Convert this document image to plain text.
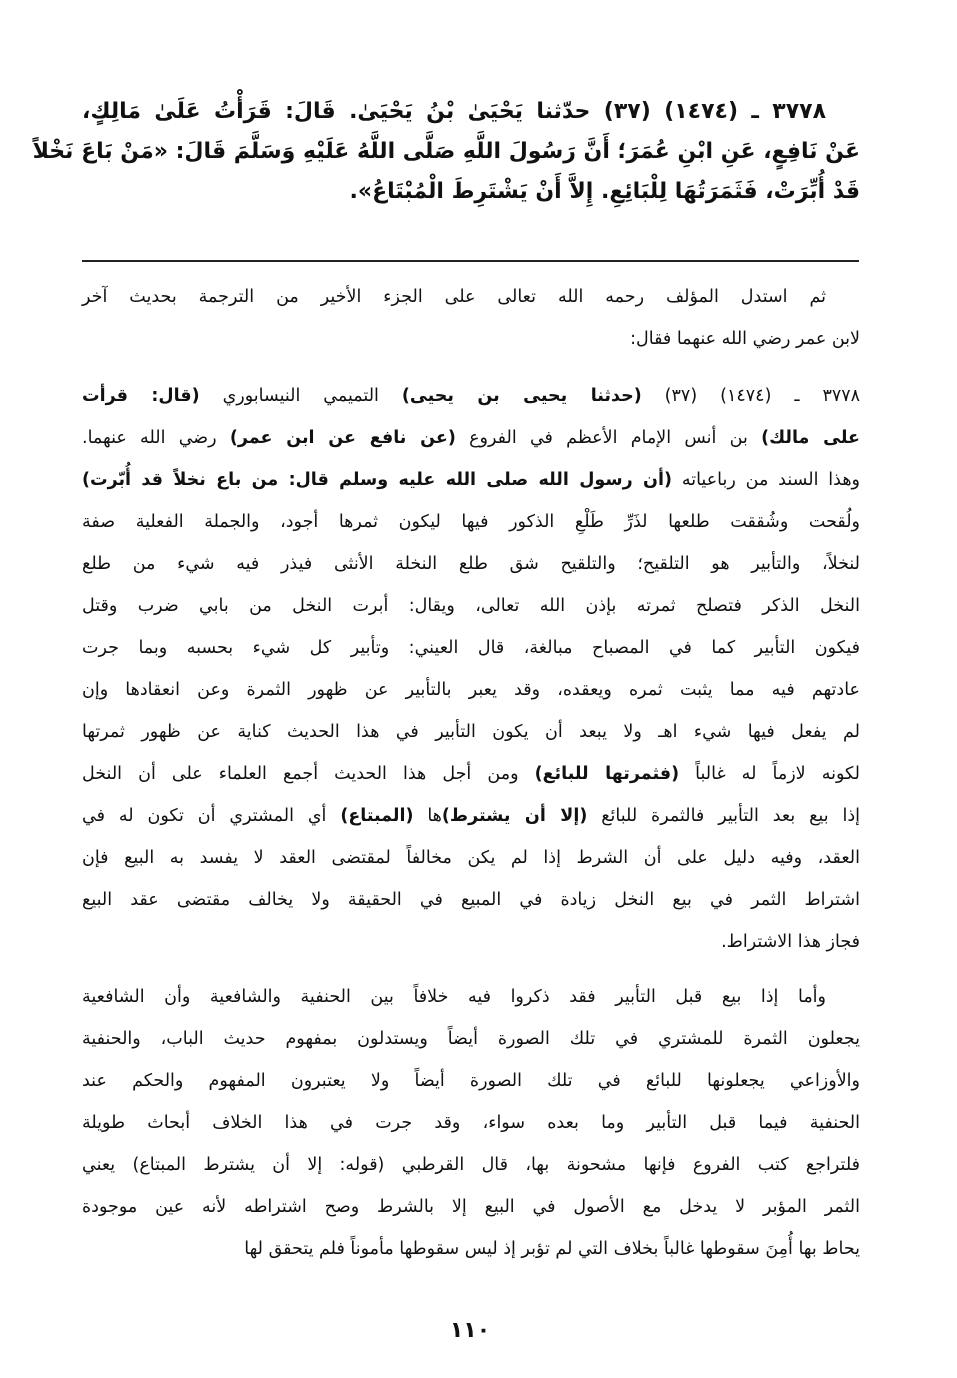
٣٧٧٨ ـ (١٤٧٤) (٣٧) حدّثنا يَحْيَىٰ بْنُ يَحْيَىٰ. قَالَ: قَرَأْتُ عَلَىٰ مَالِكٍ،
عَنْ نَافِعٍ، عَنِ ابْنِ عُمَرَ؛ أَنَّ رَسُولَ اللَّهِ صَلَّى اللَّهُ عَلَيْهِ وَسَلَّمَ قَالَ: «مَنْ بَاعَ نَخْلاً
قَدْ أُبِّرَتْ، فَثَمَرَتُهَا لِلْبَائِعِ. إِلاَّ أَنْ يَشْتَرِطَ الْمُبْتَاعُ».
ثم استدل المؤلف رحمه الله تعالى على الجزء الأخير من الترجمة بحديث آخر
لابن عمر رضي الله عنهما فقال:
٣٧٧٨ ـ (١٤٧٤) (٣٧) (حدثنا يحيى بن يحيى) التميمي النيسابوري (قال: قرأت
على مالك) بن أنس الإمام الأعظم في الفروع (عن نافع عن ابن عمر) رضي الله عنهما.
وهذا السند من رباعياته (أن رسول الله صلى الله عليه وسلم قال: من باع نخلاً قد أُبّرت)
ولُقحت وشُققت طلعها لذَرِّ طَلْعِ الذكور فيها ليكون ثمرها أجود، والجملة الفعلية صفة
لنخلاً، والتأبير هو التلقيح؛ والتلقيح شق طلع النخلة الأنثى فيذر فيه شيء من طلع
النخل الذكر فتصلح ثمرته بإذن الله تعالى، ويقال: أبرت النخل من بابي ضرب وقتل
فيكون التأبير كما في المصباح مبالغة، قال العيني: وتأبير كل شيء بحسبه وبما جرت
عادتهم فيه مما يثبت ثمره ويعقده، وقد يعبر بالتأبير عن ظهور الثمرة وعن انعقادها وإن
لم يفعل فيها شيء اهـ ولا يبعد أن يكون التأبير في هذا الحديث كناية عن ظهور ثمرتها
لكونه لازماً له غالباً (فثمرتها للبائع) ومن أجل هذا الحديث أجمع العلماء على أن النخل
إذا بيع بعد التأبير فالثمرة للبائع (إلا أن يشترط)ها (المبتاع) أي المشتري أن تكون له في
العقد، وفيه دليل على أن الشرط إذا لم يكن مخالفاً لمقتضى العقد لا يفسد به البيع فإن
اشتراط الثمر في بيع النخل زيادة في المبيع في الحقيقة ولا يخالف مقتضى عقد البيع
فجاز هذا الاشتراط.
وأما إذا بيع قبل التأبير فقد ذكروا فيه خلافاً بين الحنفية والشافعية وأن الشافعية
يجعلون الثمرة للمشتري في تلك الصورة أيضاً ويستدلون بمفهوم حديث الباب، والحنفية
والأوزاعي يجعلونها للبائع في تلك الصورة أيضاً ولا يعتبرون المفهوم والحكم عند
الحنفية فيما قبل التأبير وما بعده سواء، وقد جرت في هذا الخلاف أبحاث طويلة
فلتراجع كتب الفروع فإنها مشحونة بها، قال القرطبي (قوله: إلا أن يشترط المبتاع) يعني
الثمر المؤبر لا يدخل مع الأصول في البيع إلا بالشرط وصح اشتراطه لأنه عين موجودة
يحاط بها أُمِنَ سقوطها غالباً بخلاف التي لم تؤبر إذ ليس سقوطها مأموناً فلم يتحقق لها
١١٠
